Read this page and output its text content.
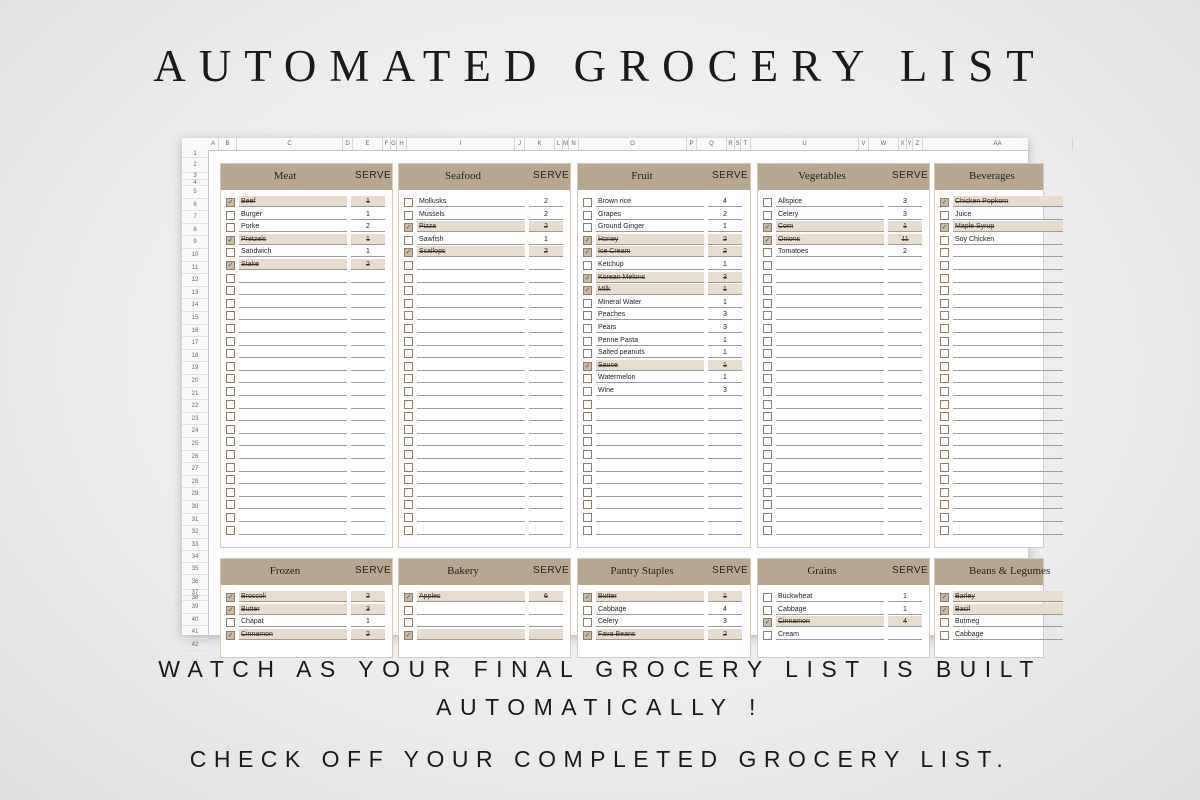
AUTOMATED GROCERY LIST
A	B	C	D	E	F G H	I	J	K	L M N	O	P	Q	R S T	U	V	W	X Y Z	AA
1
2
3
4
5
6
7
8
9
10
11
12
13
14
15
16
17
18
19
20
21
22
23
24
25
26
27
28
29
30
31
32
33
34
35
36
37
38
39
40
41
42
Meat	SERVE
✓ Beef	1
Burger	1
Porke	2
✓ Pretzels	1
Sandwich	1
✓ Stake	2
Seafood	SERVE
Mollusks	2
Mussels	2
✓ Pizza	2
Sawfish	1
✓ Scallops	2
Fruit	SERVE
Brown rice	4
Grapes	2
Ground Ginger	1
✓ Honey	2
✓ Ice Cream	2
Ketchup	1
✓ Korean Melons	3
✓ Milk	1
Mineral Water	1
Peaches	3
Pears	3
Penne Pasta	1
Salted peanuts	1
✓ Sauce	1
Watermelon	1
Wine	3
Vegetables	SERVE
Allspice	3
Celery	3
✓ Corn	1
✓ Onions	11
Tomatoes	2
Beverages
✓ Chicken Popkorn
Juice
✓ Maple Syrup
Soy Chicken
Frozen	SERVE
✓ Broccoli	2
✓ Butter	3
Chapat	1
✓ Cinnamon	2
Bakery	SERVE
✓ Apples	6
✓
Pantry Staples	SERVE
✓ Butter	1
Cabbage	4
Celery	3
✓ Fava Beans	2
Grains	SERVE
Buckwheat	1
Cabbage	1
✓ Cinnamon	4
Cream
Beans & Legumes
✓ Barley
✓ Basil
Butmeg
Cabbage
WATCH AS YOUR FINAL GROCERY LIST IS BUILT
AUTOMATICALLY !
CHECK OFF YOUR COMPLETED GROCERY LIST.
